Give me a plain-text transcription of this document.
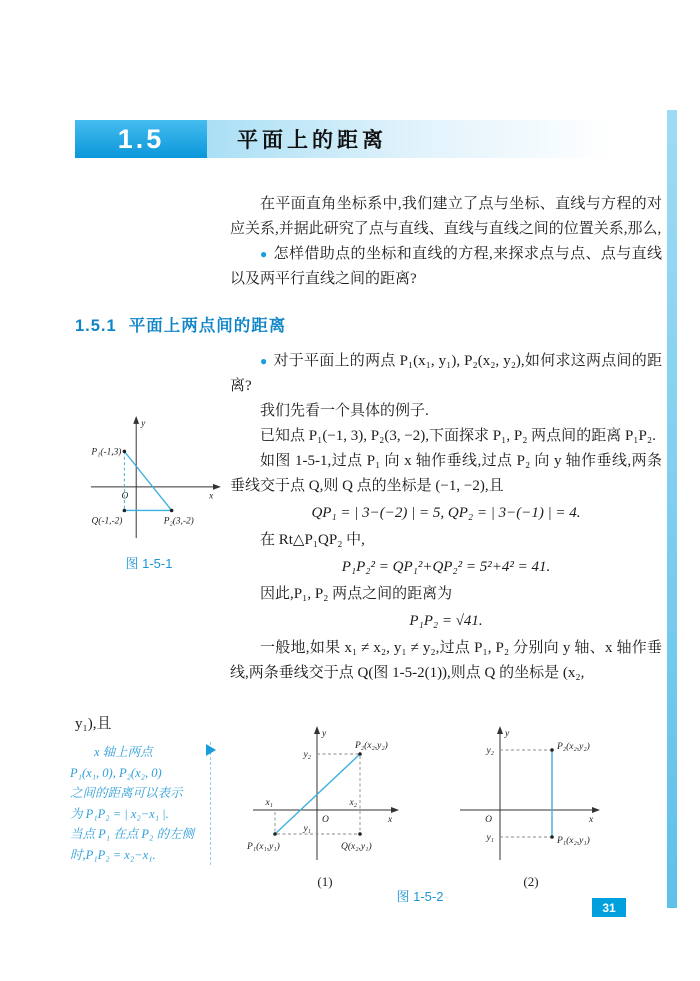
1.5	平面上的距离

在平面直角坐标系中,我们建立了点与坐标、直线与方程的对应关系,并据此研究了点与直线、直线与直线之间的位置关系,那么,

● 怎样借助点的坐标和直线的方程,来探求点与点、点与直线以及两平行直线之间的距离?

1.5.1 平面上两点间的距离

● 对于平面上的两点 P₁(x₁, y₁), P₂(x₂, y₂),如何求这两点间的距离?

我们先看一个具体的例子.

已知点 P₁(−1, 3), P₂(3, −2),下面探求 P₁, P₂ 两点间的距离 P₁P₂.

如图 1-5-1,过点 P₁ 向 x 轴作垂线,过点 P₂ 向 y 轴作垂线,两条垂线交于点 Q,则 Q 点的坐标是 (−1, −2),且

QP₁ = | 3−(−2) | = 5, QP₂ = | 3−(−1) | = 4.

在 Rt△P₁QP₂ 中,

P₁P₂² = QP₁²+QP₂² = 5²+4² = 41.

因此,P₁, P₂ 两点之间的距离为

P₁P₂ = √41.

一般地,如果 x₁ ≠ x₂, y₁ ≠ y₂,过点 P₁, P₂ 分别向 y 轴、x 轴作垂线,两条垂线交于点 Q(图 1-5-2(1)),则点 Q 的坐标是 (x₂,

y₁),且

y
x
O
P₁(-1,3)
Q(-1,-2)	P₂(3,-2)
图 1-5-1
x 轴上两点
P₁(x₁, 0), P₂(x₂, 0)
之间的距离可以表示
为 P₁P₂ = | x₂−x₁ |.
当点 P₁ 在点 P₂ 的左侧
时,P₁P₂ = x₂−x₁.
y
x
O
y₂
y₁
x₁	x₂
P₁(x₁,y₁)	Q(x₂,y₁)
P₂(x₂,y₂)
(1)
y
x
O
y₂
y₁
P₂(x₂,y₂)
P₁(x₂,y₁)
(2)
图 1-5-2
31
